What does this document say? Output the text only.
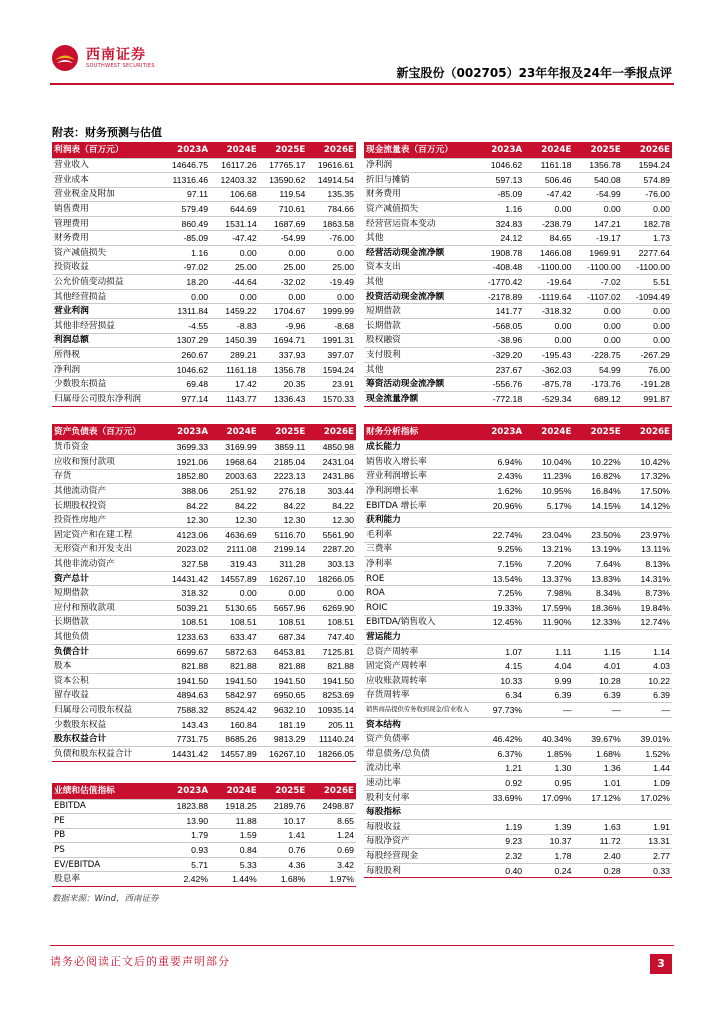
西南证券
SOUTHWEST SECURITIES
新宝股份（002705）23年年报及24年一季报点评
附表：财务预测与估值
利润表（百万元）	2023A	2024E	2025E	2026E
营业收入	14646.75	16117.26	17765.17	19616.61
营业成本	11316.46	12403.32	13590.62	14914.54
营业税金及附加	97.11	106.68	119.54	135.35
销售费用	579.49	644.69	710.61	784.66
管理费用	860.49	1531.14	1687.69	1863.58
财务费用	-85.09	-47.42	-54.99	-76.00
资产减值损失	1.16	0.00	0.00	0.00
投资收益	-97.02	25.00	25.00	25.00
公允价值变动损益	18.20	-44.64	-32.02	-19.49
其他经营损益	0.00	0.00	0.00	0.00
营业利润	1311.84	1459.22	1704.67	1999.99
其他非经营损益	-4.55	-8.83	-9.96	-8.68
利润总额	1307.29	1450.39	1694.71	1991.31
所得税	260.67	289.21	337.93	397.07
净利润	1046.62	1161.18	1356.78	1594.24
少数股东损益	69.48	17.42	20.35	23.91
归属母公司股东净利润	977.14	1143.77	1336.43	1570.33
现金流量表（百万元）	2023A	2024E	2025E	2026E
净利润	1046.62	1161.18	1356.78	1594.24
折旧与摊销	597.13	506.46	540.08	574.89
财务费用	-85.09	-47.42	-54.99	-76.00
资产减值损失	1.16	0.00	0.00	0.00
经营营运资本变动	324.83	-238.79	147.21	182.78
其他	24.12	84.65	-19.17	1.73
经营活动现金流净额	1908.78	1466.08	1969.91	2277.64
资本支出	-408.48	-1100.00	-1100.00	-1100.00
其他	-1770.42	-19.64	-7.02	5.51
投资活动现金流净额	-2178.89	-1119.64	-1107.02	-1094.49
短期借款	141.77	-318.32	0.00	0.00
长期借款	-568.05	0.00	0.00	0.00
股权融资	-38.96	0.00	0.00	0.00
支付股利	-329.20	-195.43	-228.75	-267.29
其他	237.67	-362.03	54.99	76.00
筹资活动现金流净额	-556.76	-875.78	-173.76	-191.28
现金流量净额	-772.18	-529.34	689.12	991.87
资产负债表（百万元）	2023A	2024E	2025E	2026E
货币资金	3699.33	3169.99	3859.11	4850.98
应收和预付款项	1921.06	1968.64	2185.04	2431.04
存货	1852.80	2003.63	2223.13	2431.86
其他流动资产	388.06	251.92	276.18	303.44
长期股权投资	84.22	84.22	84.22	84.22
投资性房地产	12.30	12.30	12.30	12.30
固定资产和在建工程	4123.06	4636.69	5116.70	5561.90
无形资产和开发支出	2023.02	2111.08	2199.14	2287.20
其他非流动资产	327.58	319.43	311.28	303.13
资产总计	14431.42	14557.89	16267.10	18266.05
短期借款	318.32	0.00	0.00	0.00
应付和预收款项	5039.21	5130.65	5657.96	6269.90
长期借款	108.51	108.51	108.51	108.51
其他负债	1233.63	633.47	687.34	747.40
负债合计	6699.67	5872.63	6453.81	7125.81
股本	821.88	821.88	821.88	821.88
资本公积	1941.50	1941.50	1941.50	1941.50
留存收益	4894.63	5842.97	6950.65	8253.69
归属母公司股东权益	7588.32	8524.42	9632.10	10935.14
少数股东权益	143.43	160.84	181.19	205.11
股东权益合计	7731.75	8685.26	9813.29	11140.24
负债和股东权益合计	14431.42	14557.89	16267.10	18266.05
财务分析指标	2023A	2024E	2025E	2026E
成长能力				
销售收入增长率	6.94%	10.04%	10.22%	10.42%
营业利润增长率	2.43%	11.23%	16.82%	17.32%
净利润增长率	1.62%	10.95%	16.84%	17.50%
EBITDA 增长率	20.96%	5.17%	14.15%	14.12%
获利能力				
毛利率	22.74%	23.04%	23.50%	23.97%
三费率	9.25%	13.21%	13.19%	13.11%
净利率	7.15%	7.20%	7.64%	8.13%
ROE	13.54%	13.37%	13.83%	14.31%
ROA	7.25%	7.98%	8.34%	8.73%
ROIC	19.33%	17.59%	18.36%	19.84%
EBITDA/销售收入	12.45%	11.90%	12.33%	12.74%
营运能力				
总资产周转率	1.07	1.11	1.15	1.14
固定资产周转率	4.15	4.04	4.01	4.03
应收账款周转率	10.33	9.99	10.28	10.22
存货周转率	6.34	6.39	6.39	6.39
销售商品提供劳务收到现金/营业收入	97.73%	—	—	—
资本结构				
资产负债率	46.42%	40.34%	39.67%	39.01%
带息债务/总负债	6.37%	1.85%	1.68%	1.52%
流动比率	1.21	1.30	1.36	1.44
速动比率	0.92	0.95	1.01	1.09
股利支付率	33.69%	17.09%	17.12%	17.02%
每股指标				
每股收益	1.19	1.39	1.63	1.91
每股净资产	9.23	10.37	11.72	13.31
每股经营现金	2.32	1.78	2.40	2.77
每股股利	0.40	0.24	0.28	0.33
业绩和估值指标	2023A	2024E	2025E	2026E
EBITDA	1823.88	1918.25	2189.76	2498.87
PE	13.90	11.88	10.17	8.65
PB	1.79	1.59	1.41	1.24
PS	0.93	0.84	0.76	0.69
EV/EBITDA	5.71	5.33	4.36	3.42
股息率	2.42%	1.44%	1.68%	1.97%
数据来源：Wind，西南证券
请务必阅读正文后的重要声明部分	3
